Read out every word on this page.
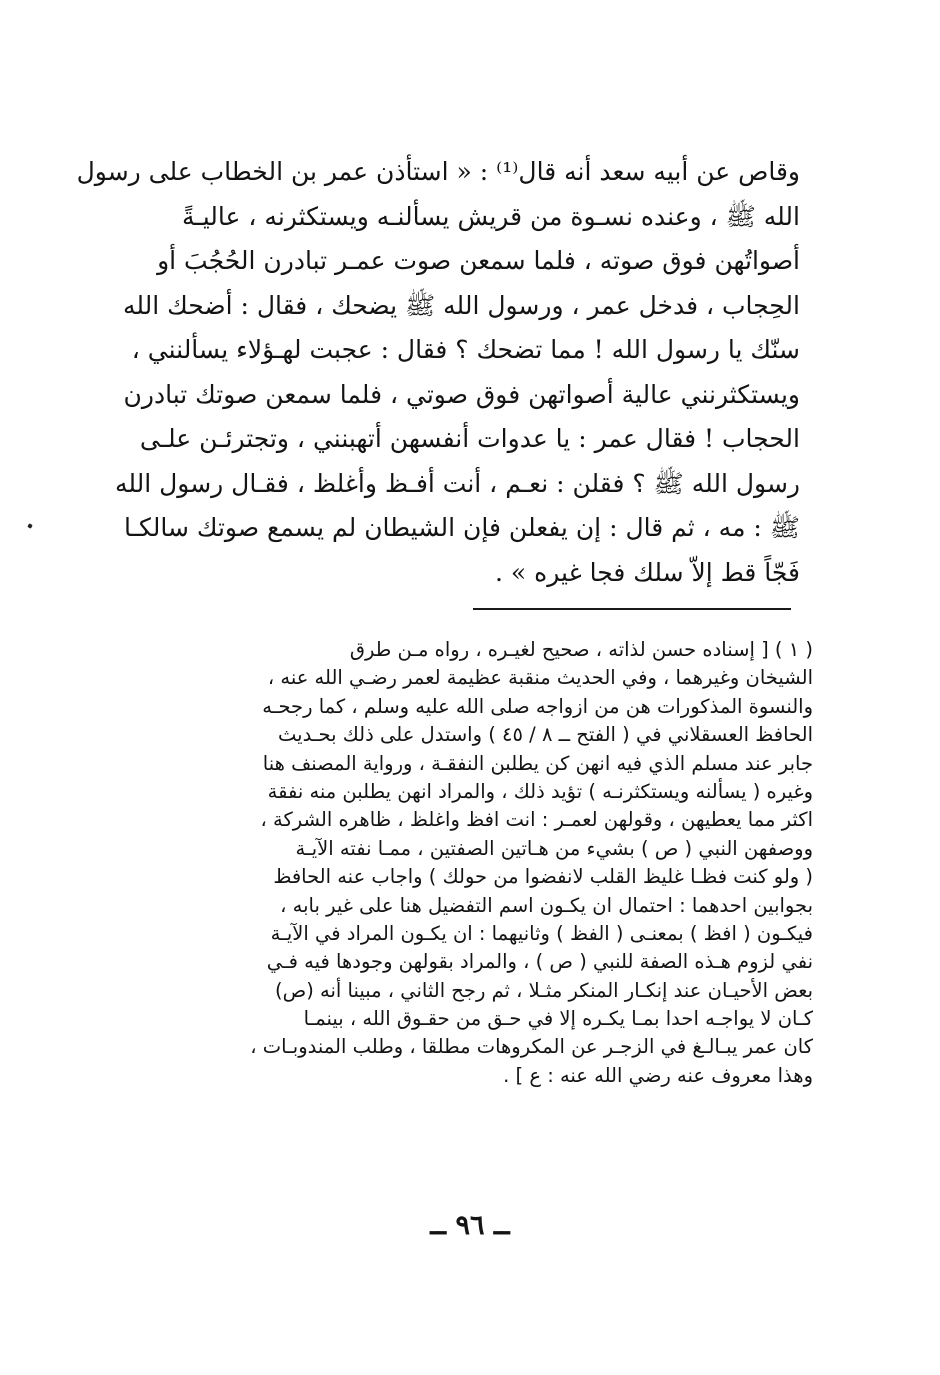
وقاص عن أبيه سعد أنه قال⁽¹⁾ : « استأذن عمر بن الخطاب على رسول
الله ﷺ ، وعنده نسـوة من قريش يسألنـه ويستكثرنه ، عاليـةً
أصواتُهن فوق صوته ، فلما سمعن صوت عمـر تبادرن الحُجُبَ أو
الحِجاب ، فدخل عمر ، ورسول الله ﷺ يضحك ، فقال : أضحك الله
سنّك يا رسول الله ! مما تضحك ؟ فقال : عجبت لهـؤلاء يسألنني ،
ويستكثرنني عالية أصواتهن فوق صوتي ، فلما سمعن صوتك تبادرن
الحجاب ! فقال عمر : يا عدوات أنفسهن أتهبنني ، وتجترئـن علـى
رسول الله ﷺ ؟ فقلن : نعـم ، أنت أفـظ وأغلظ ، فقـال رسول الله
ﷺ : مه ، ثم قال : إن يفعلن فإن الشيطان لم يسمع صوتك سالكـا
فَجّاً قط إلاّ سلك فجا غيره » .
( ١ ) [ إسناده حسن لذاته ، صحيح لغيـره ، رواه مـن طرق
الشيخان وغيرهما ، وفي الحديث منقبة عظيمة لعمر رضـي الله عنه ،
والنسوة المذكورات هن من ازواجه صلى الله عليه وسلم ، كما رجحـه
الحافظ العسقلاني في ( الفتح ــ ٨ / ٤٥ ) واستدل على ذلك بحـديث
جابر عند مسلم الذي فيه انهن كن يطلبن النفقـة ، ورواية المصنف هنا
وغيره ( يسألنه ويستكثرنـه ) تؤيد ذلك ، والمراد انهن يطلبن منه نفقة
اكثر مما يعطيهن ، وقولهن لعمـر : انت افظ واغلظ ، ظاهره الشركة ،
ووصفهن النبي ( ص ) بشيء من هـاتين الصفتين ، ممـا نفته الآيـة
( ولو كنت فظـا غليظ القلب لانفضوا من حولك ) واجاب عنه الحافظ
بجوابين احدهما : احتمال ان يكـون اسم التفضيل هنا على غير بابه ،
فيكـون ( افظ ) بمعنـى ( الفظ ) وثانيهما : ان يكـون المراد في الآيـة
نفي لزوم هـذه الصفة للنبي ( ص ) ، والمراد بقولهن وجودها فيه فـي
بعض الأحيـان عند إنكـار المنكر مثـلا ، ثم رجح الثاني ، مبينا أنه (ص)
كـان لا يواجـه احدا بمـا يكـره إلا في حـق من حقـوق الله ، بينمـا
كان عمر يبـالـغ في الزجـر عن المكروهات مطلقا ، وطلب المندوبـات ،
وهذا معروف عنه رضي الله عنه : ع ] .
ــ ٩٦ ــ
